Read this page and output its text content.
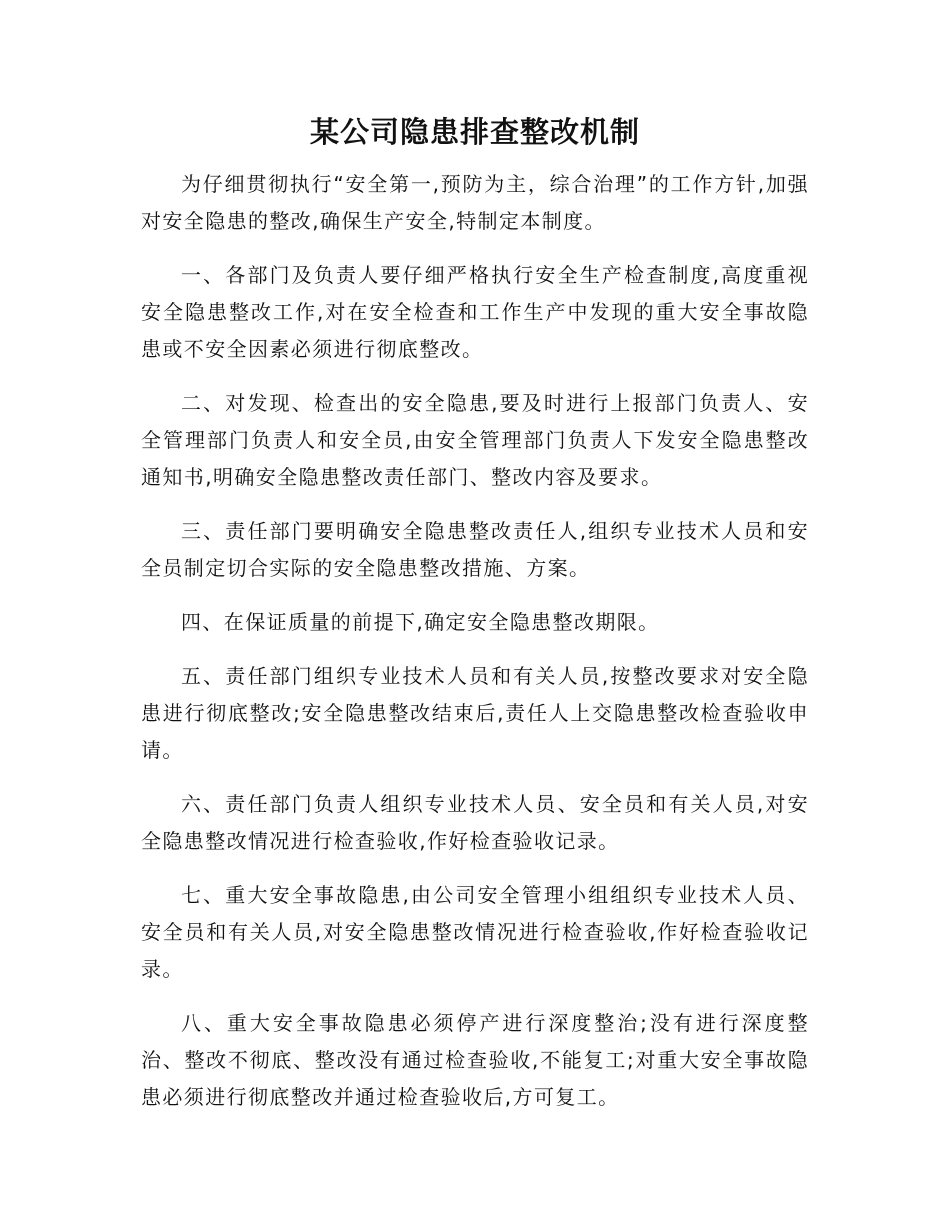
某公司隐患排查整改机制

为仔细贯彻执行“安全第一,预防为主，综合治理”的工作方针,加强对安全隐患的整改,确保生产安全,特制定本制度。

一、各部门及负责人要仔细严格执行安全生产检查制度,高度重视安全隐患整改工作,对在安全检查和工作生产中发现的重大安全事故隐患或不安全因素必须进行彻底整改。

二、对发现、检查出的安全隐患,要及时进行上报部门负责人、安全管理部门负责人和安全员,由安全管理部门负责人下发安全隐患整改通知书,明确安全隐患整改责任部门、整改内容及要求。

三、责任部门要明确安全隐患整改责任人,组织专业技术人员和安全员制定切合实际的安全隐患整改措施、方案。

四、在保证质量的前提下,确定安全隐患整改期限。

五、责任部门组织专业技术人员和有关人员,按整改要求对安全隐患进行彻底整改;安全隐患整改结束后,责任人上交隐患整改检查验收申请。

六、责任部门负责人组织专业技术人员、安全员和有关人员,对安全隐患整改情况进行检查验收,作好检查验收记录。

七、重大安全事故隐患,由公司安全管理小组组织专业技术人员、安全员和有关人员,对安全隐患整改情况进行检查验收,作好检查验收记录。

八、重大安全事故隐患必须停产进行深度整治;没有进行深度整治、整改不彻底、整改没有通过检查验收,不能复工;对重大安全事故隐患必须进行彻底整改并通过检查验收后,方可复工。
